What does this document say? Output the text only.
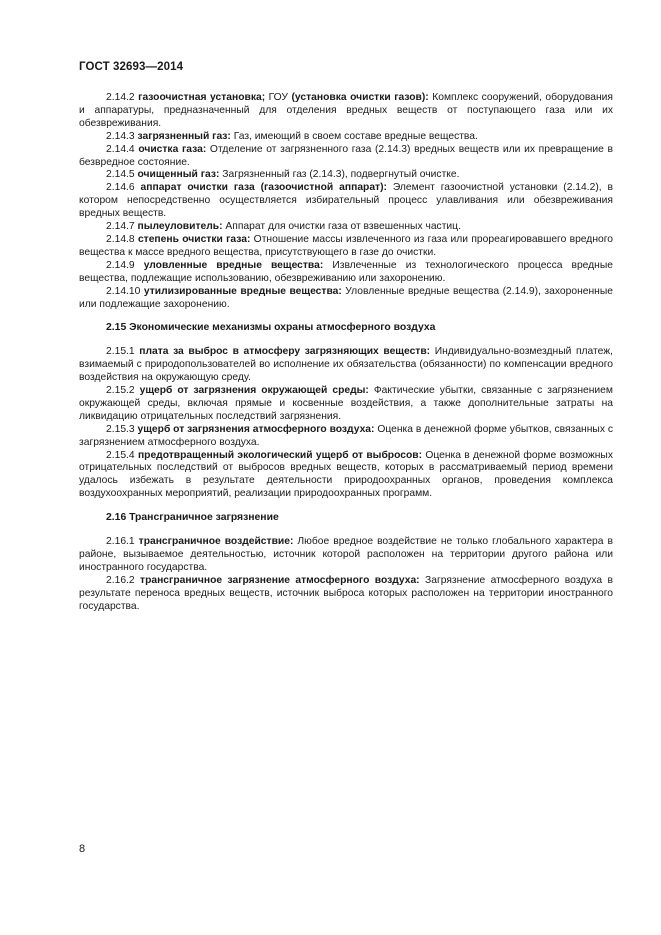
ГОСТ 32693—2014

2.14.2 газоочистная установка; ГОУ (установка очистки газов): Комплекс сооружений, оборудования и аппаратуры, предназначенный для отделения вредных веществ от поступающего газа или их обезвреживания.

2.14.3 загрязненный газ: Газ, имеющий в своем составе вредные вещества.

2.14.4 очистка газа: Отделение от загрязненного газа (2.14.3) вредных веществ или их превращение в безвредное состояние.

2.14.5 очищенный газ: Загрязненный газ (2.14.3), подвергнутый очистке.

2.14.6 аппарат очистки газа (газоочистной аппарат): Элемент газоочистной установки (2.14.2), в котором непосредственно осуществляется избирательный процесс улавливания или обезвреживания вредных веществ.

2.14.7 пылеуловитель: Аппарат для очистки газа от взвешенных частиц.

2.14.8 степень очистки газа: Отношение массы извлеченного из газа или прореагировавшего вредного вещества к массе вредного вещества, присутствующего в газе до очистки.

2.14.9 уловленные вредные вещества: Извлеченные из технологического процесса вредные вещества, подлежащие использованию, обезвреживанию или захоронению.

2.14.10 утилизированные вредные вещества: Уловленные вредные вещества (2.14.9), захороненные или подлежащие захоронению.

2.15 Экономические механизмы охраны атмосферного воздуха

2.15.1 плата за выброс в атмосферу загрязняющих веществ: Индивидуально-возмездный платеж, взимаемый с природопользователей во исполнение их обязательства (обязанности) по компенсации вредного воздействия на окружающую среду.

2.15.2 ущерб от загрязнения окружающей среды: Фактические убытки, связанные с загрязнением окружающей среды, включая прямые и косвенные воздействия, а также дополнительные затраты на ликвидацию отрицательных последствий загрязнения.

2.15.3 ущерб от загрязнения атмосферного воздуха: Оценка в денежной форме убытков, связанных с загрязнением атмосферного воздуха.

2.15.4 предотвращенный экологический ущерб от выбросов: Оценка в денежной форме возможных отрицательных последствий от выбросов вредных веществ, которых в рассматриваемый период времени удалось избежать в результате деятельности природоохранных органов, проведения комплекса воздухоохранных мероприятий, реализации природоохранных программ.

2.16 Трансграничное загрязнение

2.16.1 трансграничное воздействие: Любое вредное воздействие не только глобального характера в районе, вызываемое деятельностью, источник которой расположен на территории другого района или иностранного государства.

2.16.2 трансграничное загрязнение атмосферного воздуха: Загрязнение атмосферного воздуха в результате переноса вредных веществ, источник выброса которых расположен на территории иностранного государства.

8
